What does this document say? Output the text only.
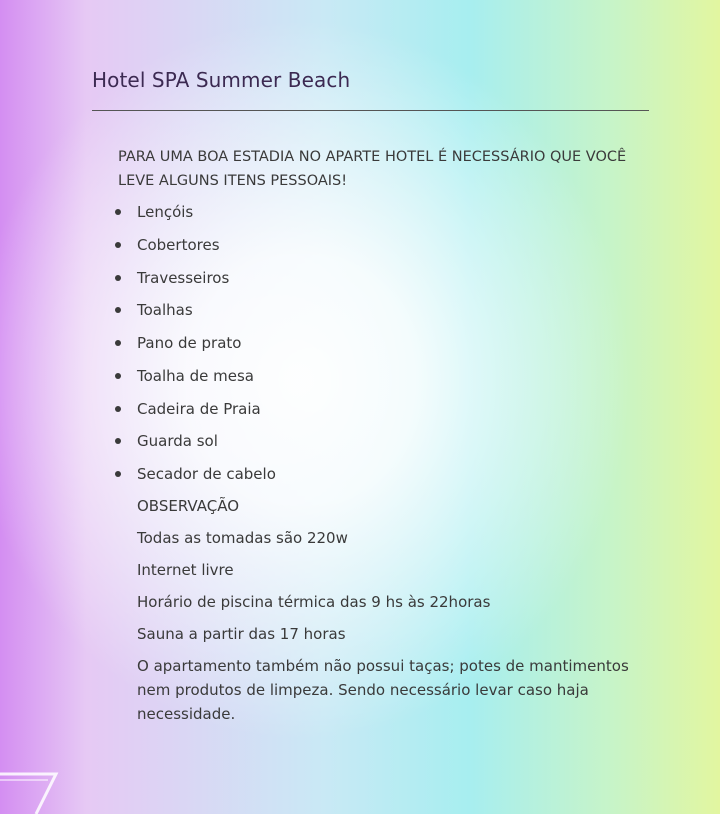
Hotel SPA Summer Beach
PARA UMA BOA ESTADIA NO APARTE HOTEL É NECESSÁRIO QUE VOCÊ LEVE ALGUNS ITENS PESSOAIS!
Lençóis
Cobertores
Travesseiros
Toalhas
Pano de prato
Toalha de mesa
Cadeira de Praia
Guarda sol
Secador de cabelo
OBSERVAÇÃO
Todas as tomadas são 220w
Internet livre
Horário de piscina térmica das 9 hs às 22horas
Sauna a partir das 17 horas
O apartamento também não possui taças; potes de mantimentos nem produtos de limpeza. Sendo necessário levar caso haja necessidade.
